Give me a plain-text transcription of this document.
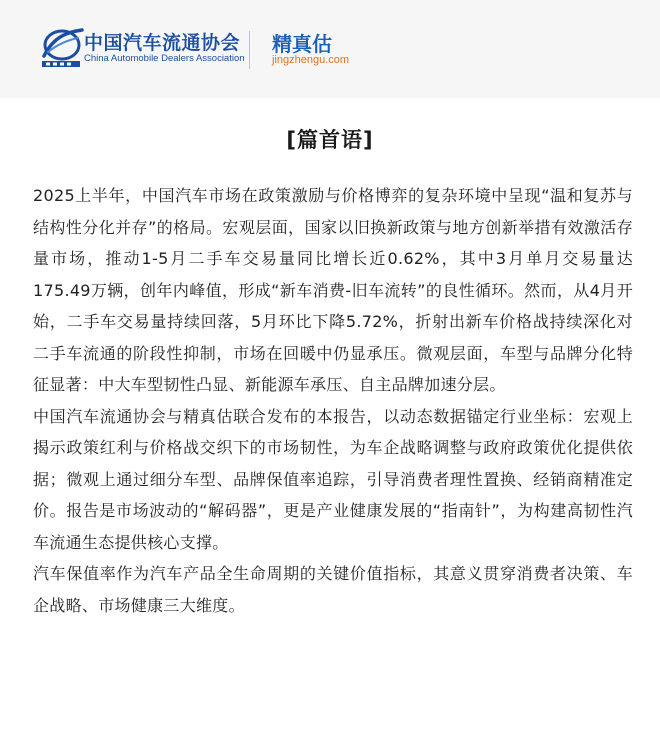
中国汽车流通协会
China Automobile Dealers Association
精真估
jingzhengu.com
[篇首语]

2025上半年，中国汽车市场在政策激励与价格博弈的复杂环境中呈现“温和复苏与结构性分化并存”的格局。宏观层面，国家以旧换新政策与地方创新举措有效激活存量市场，推动1-5月二手车交易量同比增长近0.62%，其中3月单月交易量达175.49万辆，创年内峰值，形成“新车消费-旧车流转”的良性循环。然而，从4月开始，二手车交易量持续回落，5月环比下降5.72%，折射出新车价格战持续深化对二手车流通的阶段性抑制，市场在回暖中仍显承压。微观层面，车型与品牌分化特征显著：中大车型韧性凸显、新能源车承压、自主品牌加速分层。

中国汽车流通协会与精真估联合发布的本报告，以动态数据锚定行业坐标：宏观上揭示政策红利与价格战交织下的市场韧性，为车企战略调整与政府政策优化提供依据；微观上通过细分车型、品牌保值率追踪，引导消费者理性置换、经销商精准定价。报告是市场波动的“解码器”，更是产业健康发展的“指南针”，为构建高韧性汽车流通生态提供核心支撑。

汽车保值率作为汽车产品全生命周期的关键价值指标，其意义贯穿消费者决策、车企战略、市场健康三大维度。
